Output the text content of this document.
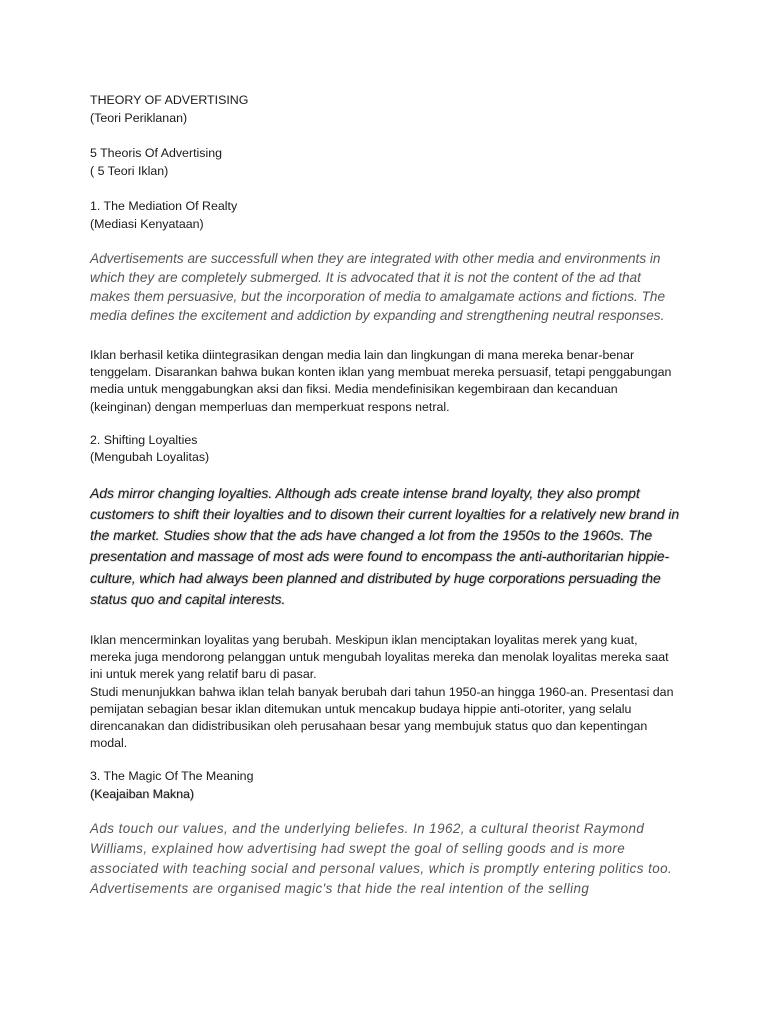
THEORY OF ADVERTISING

(Teori Periklanan)

5 Theoris Of Advertising

( 5 Teori Iklan)

1. The Mediation Of Realty

(Mediasi Kenyataan)

Advertisements are successfull when they are integrated with other media and environments in which they are completely submerged. It is advocated that it is not the content of the ad that makes them persuasive, but the incorporation of media to amalgamate actions and fictions. The media defines the excitement and addiction by expanding and strengthening neutral responses.

Iklan berhasil ketika diintegrasikan dengan media lain dan lingkungan di mana mereka benar-benar tenggelam. Disarankan bahwa bukan konten iklan yang membuat mereka persuasif, tetapi penggabungan media untuk menggabungkan aksi dan fiksi. Media mendefinisikan kegembiraan dan kecanduan (keinginan) dengan memperluas dan memperkuat respons netral.

2. Shifting Loyalties

(Mengubah Loyalitas)

Ads mirror changing loyalties. Although ads create intense brand loyalty, they also prompt customers to shift their loyalties and to disown their current loyalties for a relatively new brand in the market. Studies show that the ads have changed a lot from the 1950s to the 1960s. The presentation and massage of most ads were found to encompass the anti-authoritarian hippie-culture, which had always been planned and distributed by huge corporations persuading the status quo and capital interests.

Iklan mencerminkan loyalitas yang berubah. Meskipun iklan menciptakan loyalitas merek yang kuat, mereka juga mendorong pelanggan untuk mengubah loyalitas mereka dan menolak loyalitas mereka saat ini untuk merek yang relatif baru di pasar.

Studi menunjukkan bahwa iklan telah banyak berubah dari tahun 1950-an hingga 1960-an. Presentasi dan pemijatan sebagian besar iklan ditemukan untuk mencakup budaya hippie anti-otoriter, yang selalu direncanakan dan didistribusikan oleh perusahaan besar yang membujuk status quo dan kepentingan modal.

3. The Magic Of The Meaning

(Keajaiban Makna)

Ads touch our values, and the underlying beliefes. In 1962, a cultural theorist Raymond Williams, explained how advertising had swept the goal of selling goods and is more associated with teaching social and personal values, which is promptly entering politics too. Advertisements are organised magic's that hide the real intention of the selling
